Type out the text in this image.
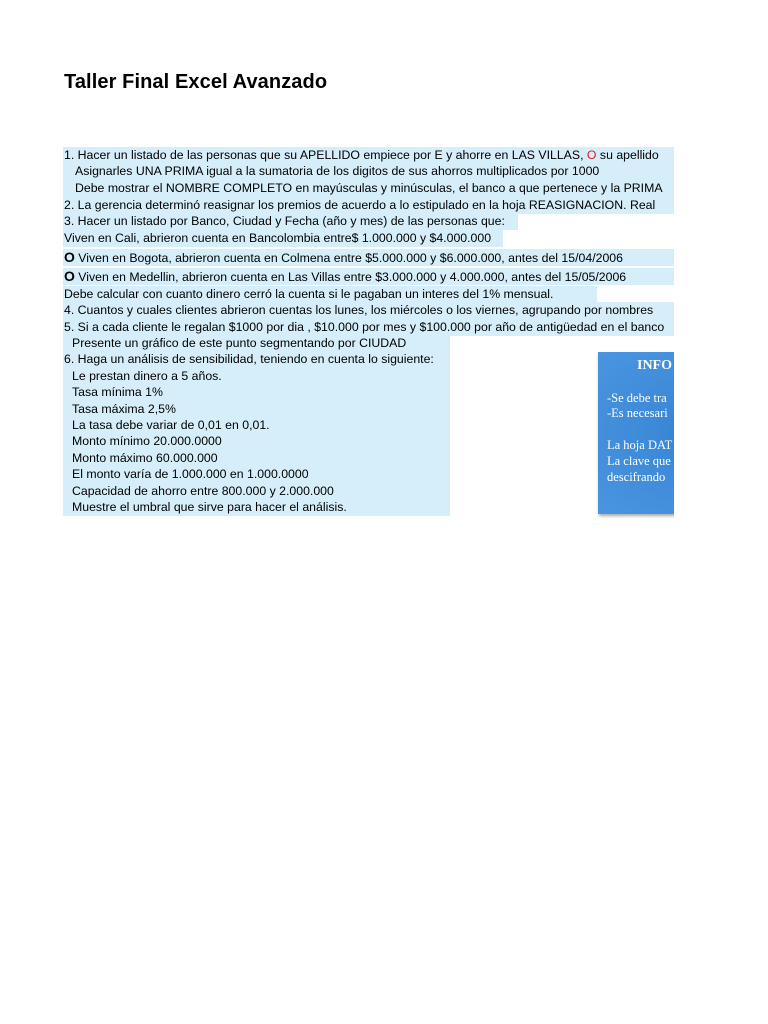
Taller Final Excel Avanzado
1. Hacer un listado de las personas que su APELLIDO empiece por E y ahorre en LAS VILLAS, O su apellido
Asignarles UNA PRIMA igual a la sumatoria de los digitos de sus ahorros multiplicados por 1000
Debe mostrar el NOMBRE COMPLETO en mayúsculas y minúsculas, el banco a que pertenece y la PRIMA
2. La gerencia determinó reasignar los premios de acuerdo a lo estipulado en la hoja REASIGNACION. Real
3. Hacer un listado por Banco, Ciudad y Fecha (año y mes) de las personas que:
Viven en Cali, abrieron cuenta en Bancolombia entre$ 1.000.000 y $4.000.000
O Viven en Bogota, abrieron cuenta en Colmena entre $5.000.000 y $6.000.000, antes del 15/04/2006
O Viven en Medellin, abrieron cuenta en Las Villas entre $3.000.000 y 4.000.000, antes del 15/05/2006
Debe calcular con cuanto dinero cerró la cuenta si le pagaban un interes del 1% mensual.
4. Cuantos y cuales clientes abrieron cuentas los lunes, los miércoles o los viernes, agrupando por nombres
5. Si a cada cliente le regalan $1000 por dia , $10.000 por mes y $100.000 por año de antigüedad en el banco
Presente un gráfico de este punto segmentando por CIUDAD
6. Haga un análisis de sensibilidad, teniendo en cuenta lo siguiente:
Le prestan dinero a 5 años.
Tasa mínima 1%
Tasa máxima 2,5%
La tasa debe variar de 0,01 en 0,01.
Monto mínimo 20.000.0000
Monto máximo 60.000.000
El monto varía de 1.000.000 en 1.000.0000
Capacidad de ahorro entre 800.000 y 2.000.000
Muestre el umbral que sirve para hacer el análisis.
INFO
-Se debe tra
-Es necesari
La hoja DAT
La clave que
descifrando
